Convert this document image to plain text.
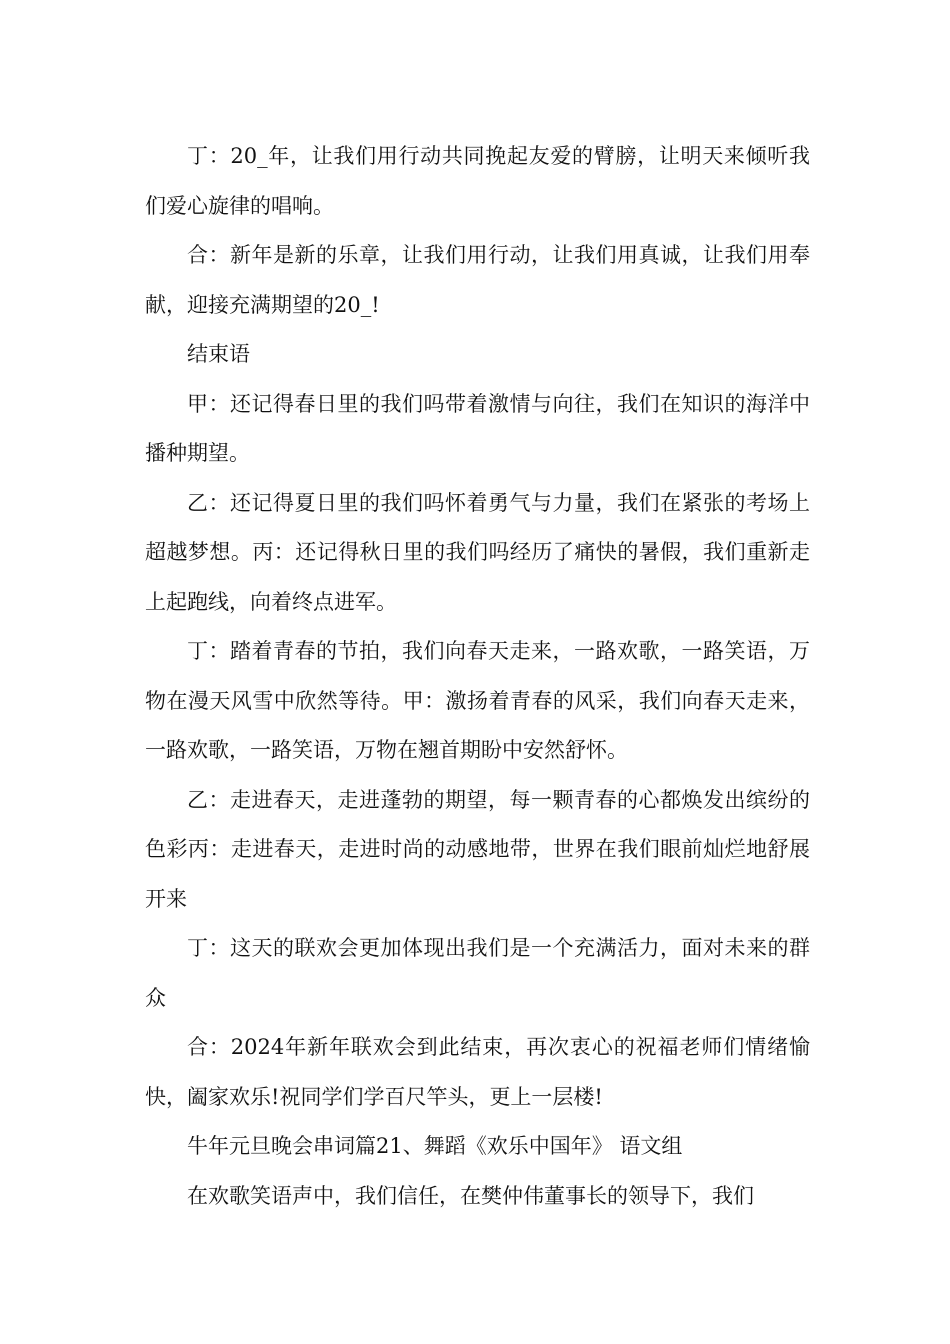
丁：20_年，让我们用行动共同挽起友爱的臂膀，让明天来倾听我们爱心旋律的唱响。

合：新年是新的乐章，让我们用行动，让我们用真诚，让我们用奉献，迎接充满期望的20_!

结束语

甲：还记得春日里的我们吗带着激情与向往，我们在知识的海洋中播种期望。

乙：还记得夏日里的我们吗怀着勇气与力量，我们在紧张的考场上超越梦想。丙：还记得秋日里的我们吗经历了痛快的暑假，我们重新走上起跑线，向着终点进军。

丁：踏着青春的节拍，我们向春天走来，一路欢歌，一路笑语，万物在漫天风雪中欣然等待。甲：激扬着青春的风采，我们向春天走来，一路欢歌，一路笑语，万物在翘首期盼中安然舒怀。

乙：走进春天，走进蓬勃的期望，每一颗青春的心都焕发出缤纷的色彩丙：走进春天，走进时尚的动感地带，世界在我们眼前灿烂地舒展开来

丁：这天的联欢会更加体现出我们是一个充满活力，面对未来的群众

合：2024年新年联欢会到此结束，再次衷心的祝福老师们情绪愉快，阖家欢乐!祝同学们学百尺竿头，更上一层楼!

牛年元旦晚会串词篇21、舞蹈《欢乐中国年》 语文组

在欢歌笑语声中，我们信任，在樊仲伟董事长的领导下，我们
